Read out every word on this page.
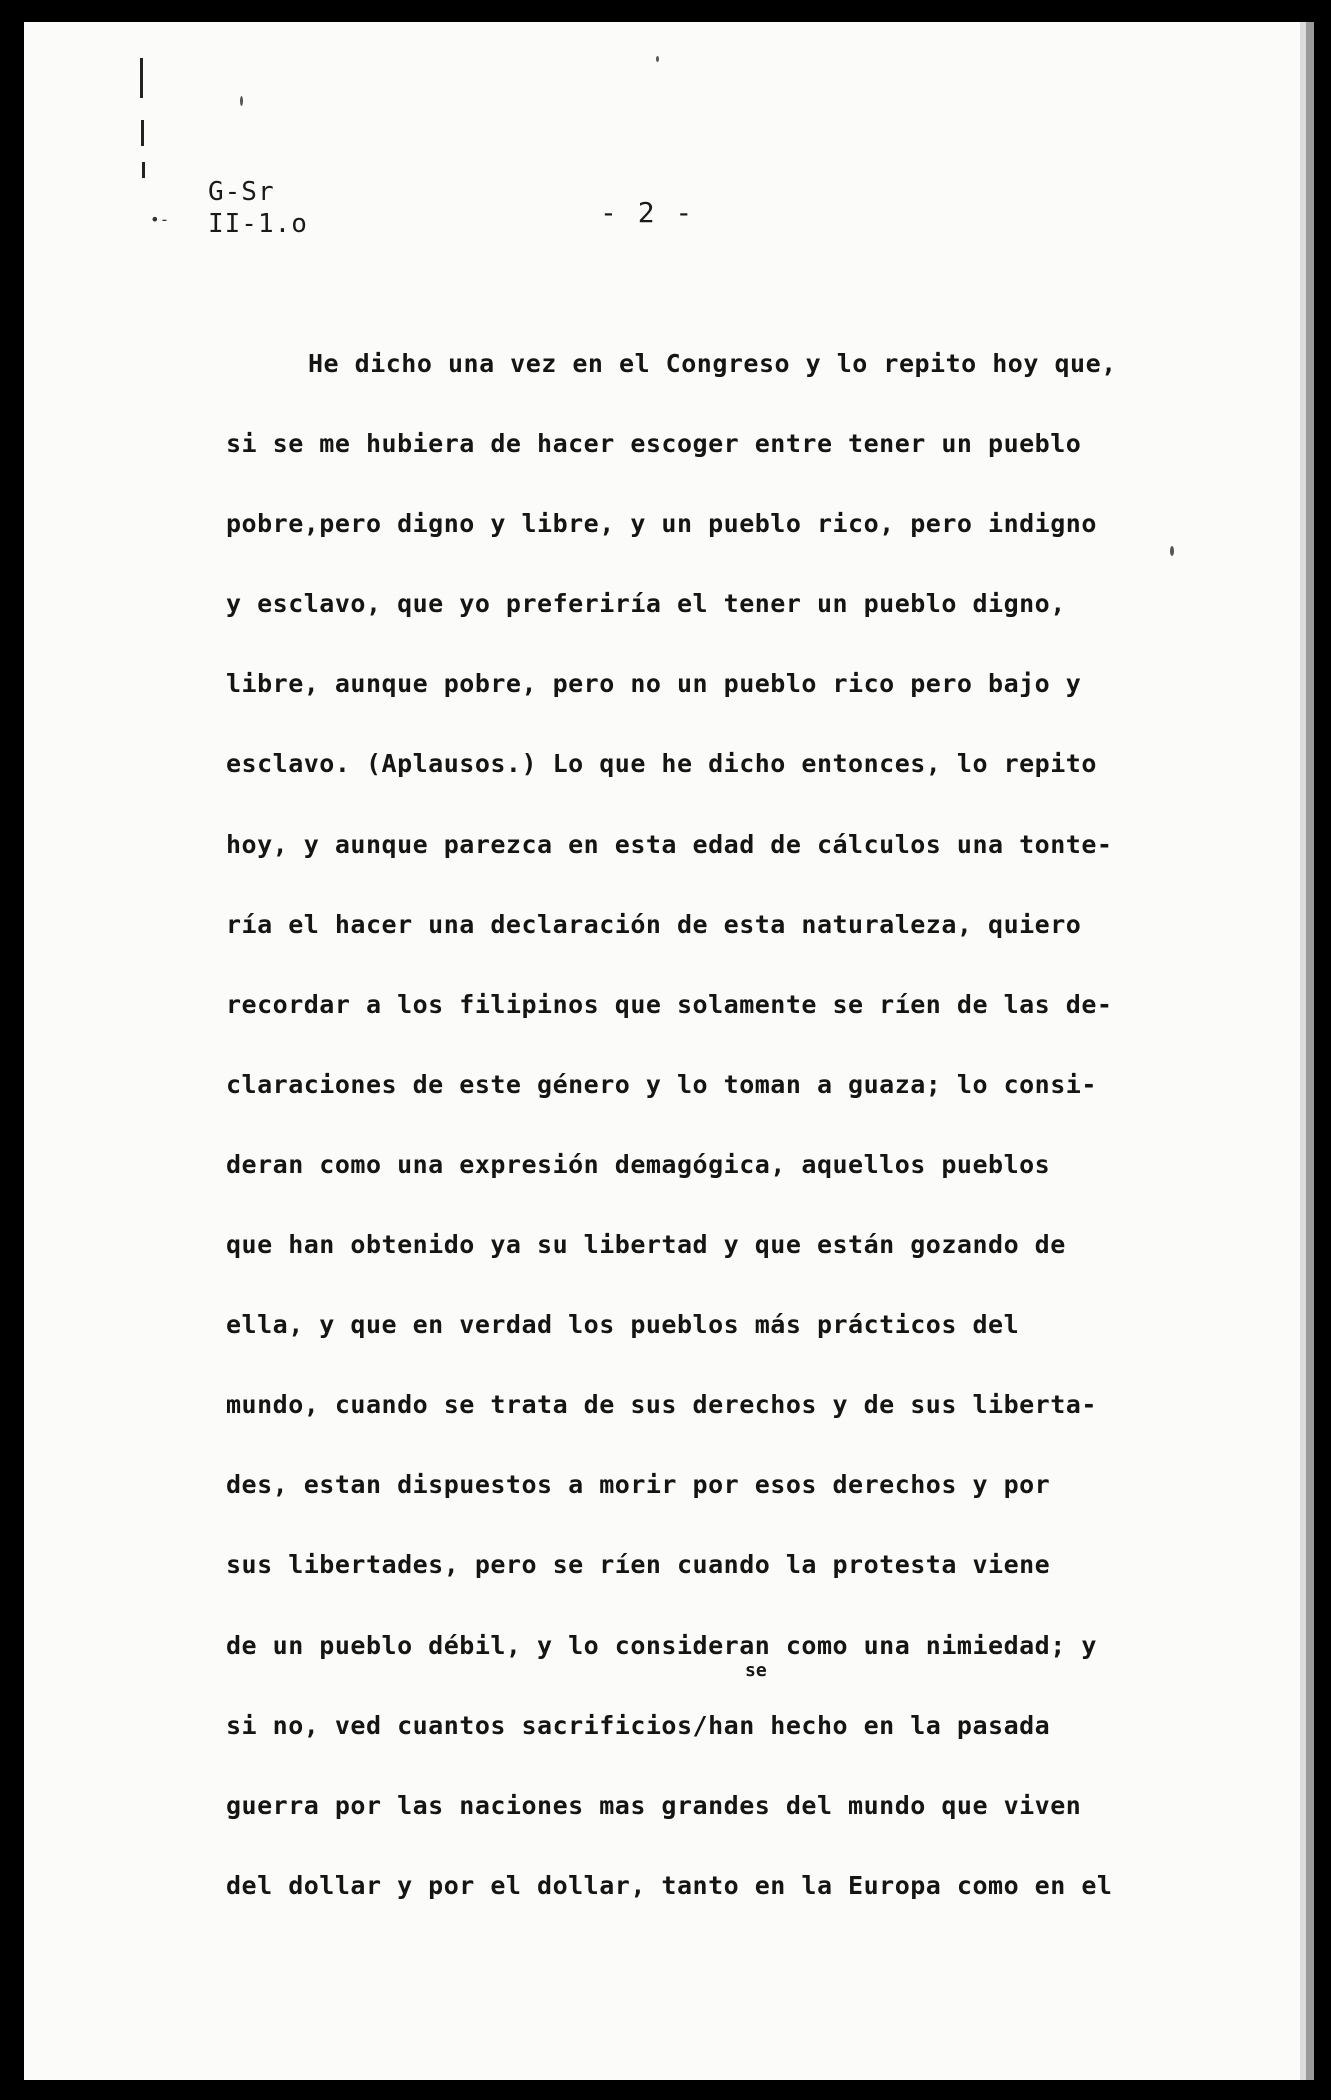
G-Sr
II-1.o
•-	- 2 -
He dicho una vez en el Congreso y lo repito hoy que,
si se me hubiera de hacer escoger entre tener un pueblo
pobre,pero digno y libre, y un pueblo rico, pero indigno
y esclavo, que yo preferiría el tener un pueblo digno,
libre, aunque pobre, pero no un pueblo rico pero bajo y
esclavo. (Aplausos.) Lo que he dicho entonces, lo repito
hoy, y aunque parezca en esta edad de cálculos una tonte-
ría el hacer una declaración de esta naturaleza, quiero
recordar a los filipinos que solamente se ríen de las de-
claraciones de este género y lo toman a guaza; lo consi-
deran como una expresión demagógica, aquellos pueblos
que han obtenido ya su libertad y que están gozando de
ella, y que en verdad los pueblos más prácticos del
mundo, cuando se trata de sus derechos y de sus liberta-
des, estan dispuestos a morir por esos derechos y por
sus libertades, pero se ríen cuando la protesta viene
de un pueblo débil, y lo consideran como una nimiedad; y
si no, ved cuantos sacrificios/han hecho en la pasada
guerra por las naciones mas grandes del mundo que viven
del dollar y por el dollar, tanto en la Europa como en el
se
